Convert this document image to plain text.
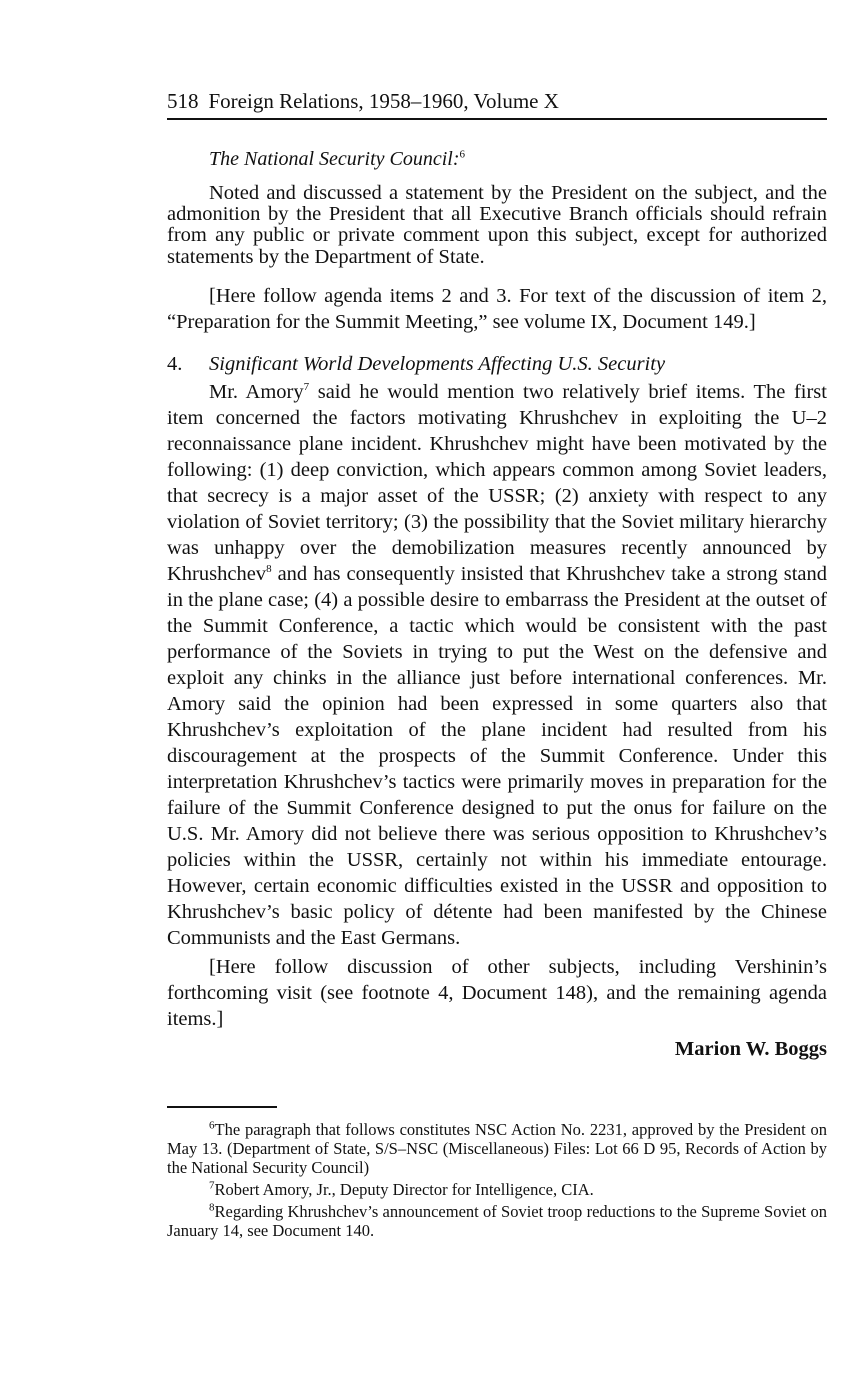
518 Foreign Relations, 1958–1960, Volume X
The National Security Council:$^6$

Noted and discussed a statement by the President on the subject, and the admonition by the President that all Executive Branch officials should refrain from any public or private comment upon this subject, except for authorized statements by the Department of State.

[Here follow agenda items 2 and 3. For text of the discussion of item 2, “Preparation for the Summit Meeting,” see volume IX, Document 149.]

4. Significant World Developments Affecting U.S. Security

Mr. Amory$^7$ said he would mention two relatively brief items. The first item concerned the factors motivating Khrushchev in exploiting the U–2 reconnaissance plane incident. Khrushchev might have been motivated by the following: (1) deep conviction, which appears common among Soviet leaders, that secrecy is a major asset of the USSR; (2) anxiety with respect to any violation of Soviet territory; (3) the possibility that the Soviet military hierarchy was unhappy over the demobilization measures recently announced by Khrushchev$^8$ and has consequently insisted that Khrushchev take a strong stand in the plane case; (4) a possible desire to embarrass the President at the outset of the Summit Conference, a tactic which would be consistent with the past performance of the Soviets in trying to put the West on the defensive and exploit any chinks in the alliance just before international conferences. Mr. Amory said the opinion had been expressed in some quarters also that Khrushchev’s exploitation of the plane incident had resulted from his discouragement at the prospects of the Summit Conference. Under this interpretation Khrushchev’s tactics were primarily moves in preparation for the failure of the Summit Conference designed to put the onus for failure on the U.S. Mr. Amory did not believe there was serious opposition to Khrushchev’s policies within the USSR, certainly not within his immediate entourage. However, certain economic difficulties existed in the USSR and opposition to Khrushchev’s basic policy of détente had been manifested by the Chinese Communists and the East Germans.

[Here follow discussion of other subjects, including Vershinin’s forthcoming visit (see footnote 4, Document 148), and the remaining agenda items.]

Marion W. Boggs

$^6$The paragraph that follows constitutes NSC Action No. 2231, approved by the President on May 13. (Department of State, S/S–NSC (Miscellaneous) Files: Lot 66 D 95, Records of Action by the National Security Council)

$^7$Robert Amory, Jr., Deputy Director for Intelligence, CIA.

$^8$Regarding Khrushchev’s announcement of Soviet troop reductions to the Supreme Soviet on January 14, see Document 140.
